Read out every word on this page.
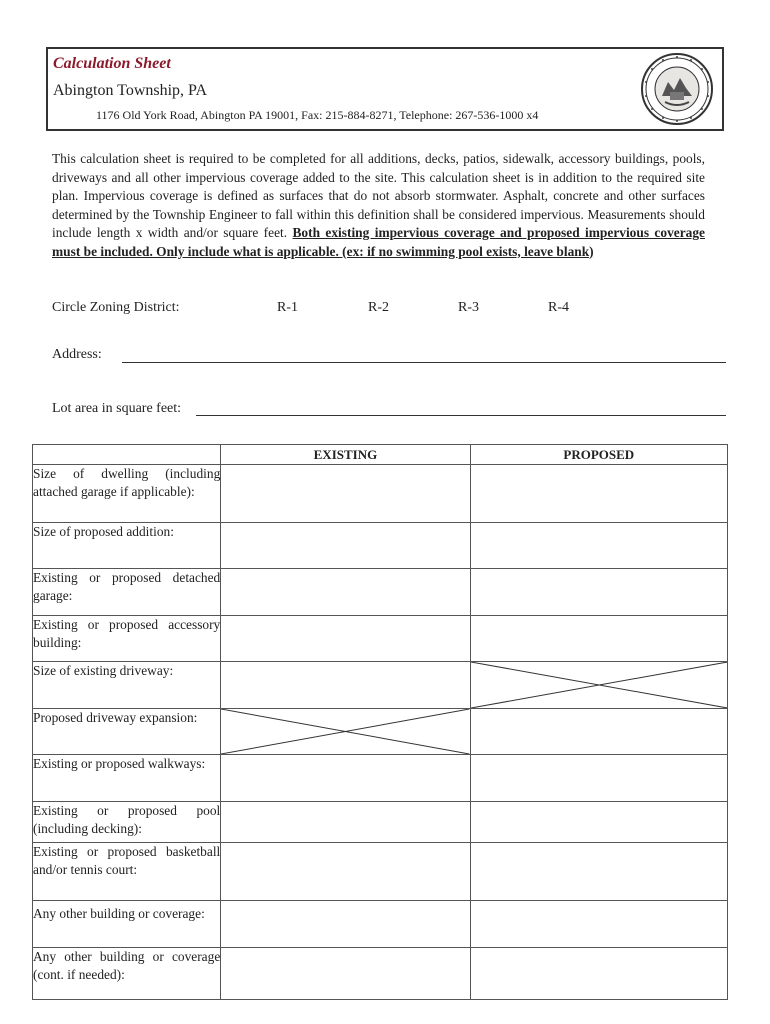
Calculation Sheet
Abington Township, PA
1176 Old York Road, Abington PA 19001, Fax: 215-884-8271, Telephone: 267-536-1000 x4
This calculation sheet is required to be completed for all additions, decks, patios, sidewalk, accessory buildings, pools, driveways and all other impervious coverage added to the site. This calculation sheet is in addition to the required site plan. Impervious coverage is defined as surfaces that do not absorb stormwater. Asphalt, concrete and other surfaces determined by the Township Engineer to fall within this definition shall be considered impervious. Measurements should include length x width and/or square feet. Both existing impervious coverage and proposed impervious coverage must be included. Only include what is applicable. (ex: if no swimming pool exists, leave blank)
Circle Zoning District:	R-1	R-2	R-3	R-4
Address:
Lot area in square feet:
	EXISTING	PROPOSED
Size of dwelling (including attached garage if applicable):		
Size of proposed addition:		
Existing or proposed detached garage:		
Existing or proposed accessory building:		
Size of existing driveway:		

Proposed driveway expansion:	

Existing or proposed walkways:		
Existing or proposed pool (including decking):		
Existing or proposed basketball and/or tennis court:		
Any other building or coverage:		
Any other building or coverage (cont. if needed):		
